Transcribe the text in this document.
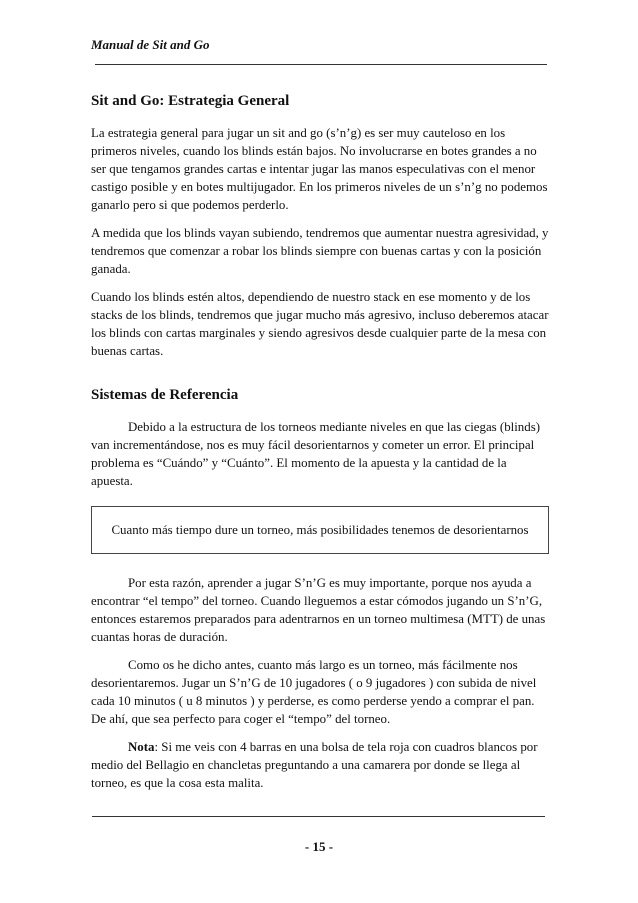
Manual de Sit and Go
Sit and Go: Estrategia General

La estrategia general para jugar un sit and go (s’n’g) es ser muy cauteloso en los primeros niveles, cuando los blinds están bajos. No involucrarse en botes grandes a no ser que tengamos grandes cartas e intentar jugar las manos especulativas con el menor castigo posible y en botes multijugador. En los primeros niveles de un s’n’g no podemos ganarlo pero si que podemos perderlo.

A medida que los blinds vayan subiendo, tendremos que aumentar nuestra agresividad, y tendremos que comenzar a robar los blinds siempre con buenas cartas y con la posición ganada.

Cuando los blinds estén altos, dependiendo de nuestro stack en ese momento y de los stacks de los blinds, tendremos que jugar mucho más agresivo, incluso deberemos atacar los blinds con cartas marginales y siendo agresivos desde cualquier parte de la mesa con buenas cartas.

Sistemas de Referencia

Debido a la estructura de los torneos mediante niveles en que las ciegas (blinds) van incrementándose, nos es muy fácil desorientarnos y cometer un error. El principal problema es “Cuándo” y “Cuánto”. El momento de la apuesta y la cantidad de la apuesta.

Cuanto más tiempo dure un torneo, más posibilidades tenemos de desorientarnos

Por esta razón, aprender a jugar S’n’G es muy importante, porque nos ayuda a encontrar “el tempo” del torneo. Cuando lleguemos a estar cómodos jugando un S’n’G, entonces estaremos preparados para adentrarnos en un torneo multimesa (MTT) de unas cuantas horas de duración.

Como os he dicho antes, cuanto más largo es un torneo, más fácilmente nos desorientaremos. Jugar un S’n’G de 10 jugadores ( o 9 jugadores ) con subida de nivel cada 10 minutos ( u 8 minutos ) y perderse, es como perderse yendo a comprar el pan. De ahí, que sea perfecto para coger el “tempo” del torneo.

Nota: Si me veis con 4 barras en una bolsa de tela roja con cuadros blancos por medio del Bellagio en chancletas preguntando a una camarera por donde se llega al torneo, es que la cosa esta malita.

- 15 -
